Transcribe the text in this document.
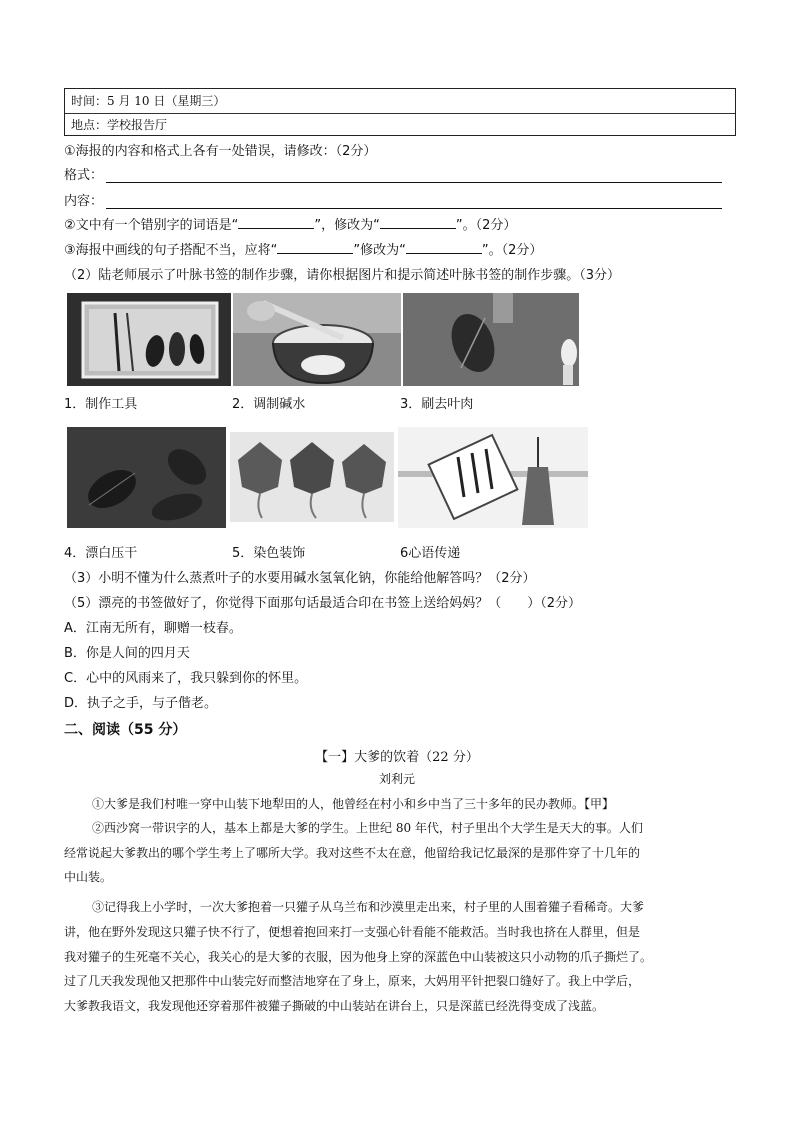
时间：5 月 10 日（星期三）
地点：学校报告厅
①海报的内容和格式上各有一处错误，请修改：（2分）
格式：
内容：
②文中有一个错别字的词语是“	”，修改为“	”。（2分）
③海报中画线的句子搭配不当，应将“	”修改为“	”。（2分）
（2）陆老师展示了叶脉书签的制作步骤，请你根据图片和提示简述叶脉书签的制作步骤。（3分）
1．制作工具	2．调制碱水	3．刷去叶肉
4．漂白压干	5．染色装饰	6心语传递
（3）小明不懂为什么蒸煮叶子的水要用碱水氢氧化钠，你能给他解答吗？（2分）
（5）漂亮的书签做好了，你觉得下面那句话最适合印在书签上送给妈妈？（　　）（2分）
A．江南无所有，聊赠一枝春。
B．你是人间的四月天
C．心中的风雨来了，我只躲到你的怀里。
D．执子之手，与子偕老。
二、阅读（55 分）
【一】大爹的饮着（22 分）
刘利元
①大爹是我们村唯一穿中山装下地犁田的人，他曾经在村小和乡中当了三十多年的民办教师。【甲】
②西沙窝一带识字的人，基本上都是大爹的学生。上世纪 80 年代，村子里出个大学生是天大的事。人们
经常说起大爹教出的哪个学生考上了哪所大学。我对这些不太在意，他留给我记忆最深的是那件穿了十几年的
中山装。
③记得我上小学时，一次大爹抱着一只獾子从乌兰布和沙漠里走出来，村子里的人围着獾子看稀奇。大爹
讲，他在野外发现这只獾子快不行了，便想着抱回来打一支强心针看能不能救活。当时我也挤在人群里，但是
我对獾子的生死毫不关心，我关心的是大爹的衣服，因为他身上穿的深蓝色中山装被这只小动物的爪子撕烂了。
过了几天我发现他又把那件中山装完好而整洁地穿在了身上，原来，大妈用平针把裂口缝好了。我上中学后，
大爹教我语文，我发现他还穿着那件被獾子撕破的中山装站在讲台上，只是深蓝已经洗得变成了浅蓝。
